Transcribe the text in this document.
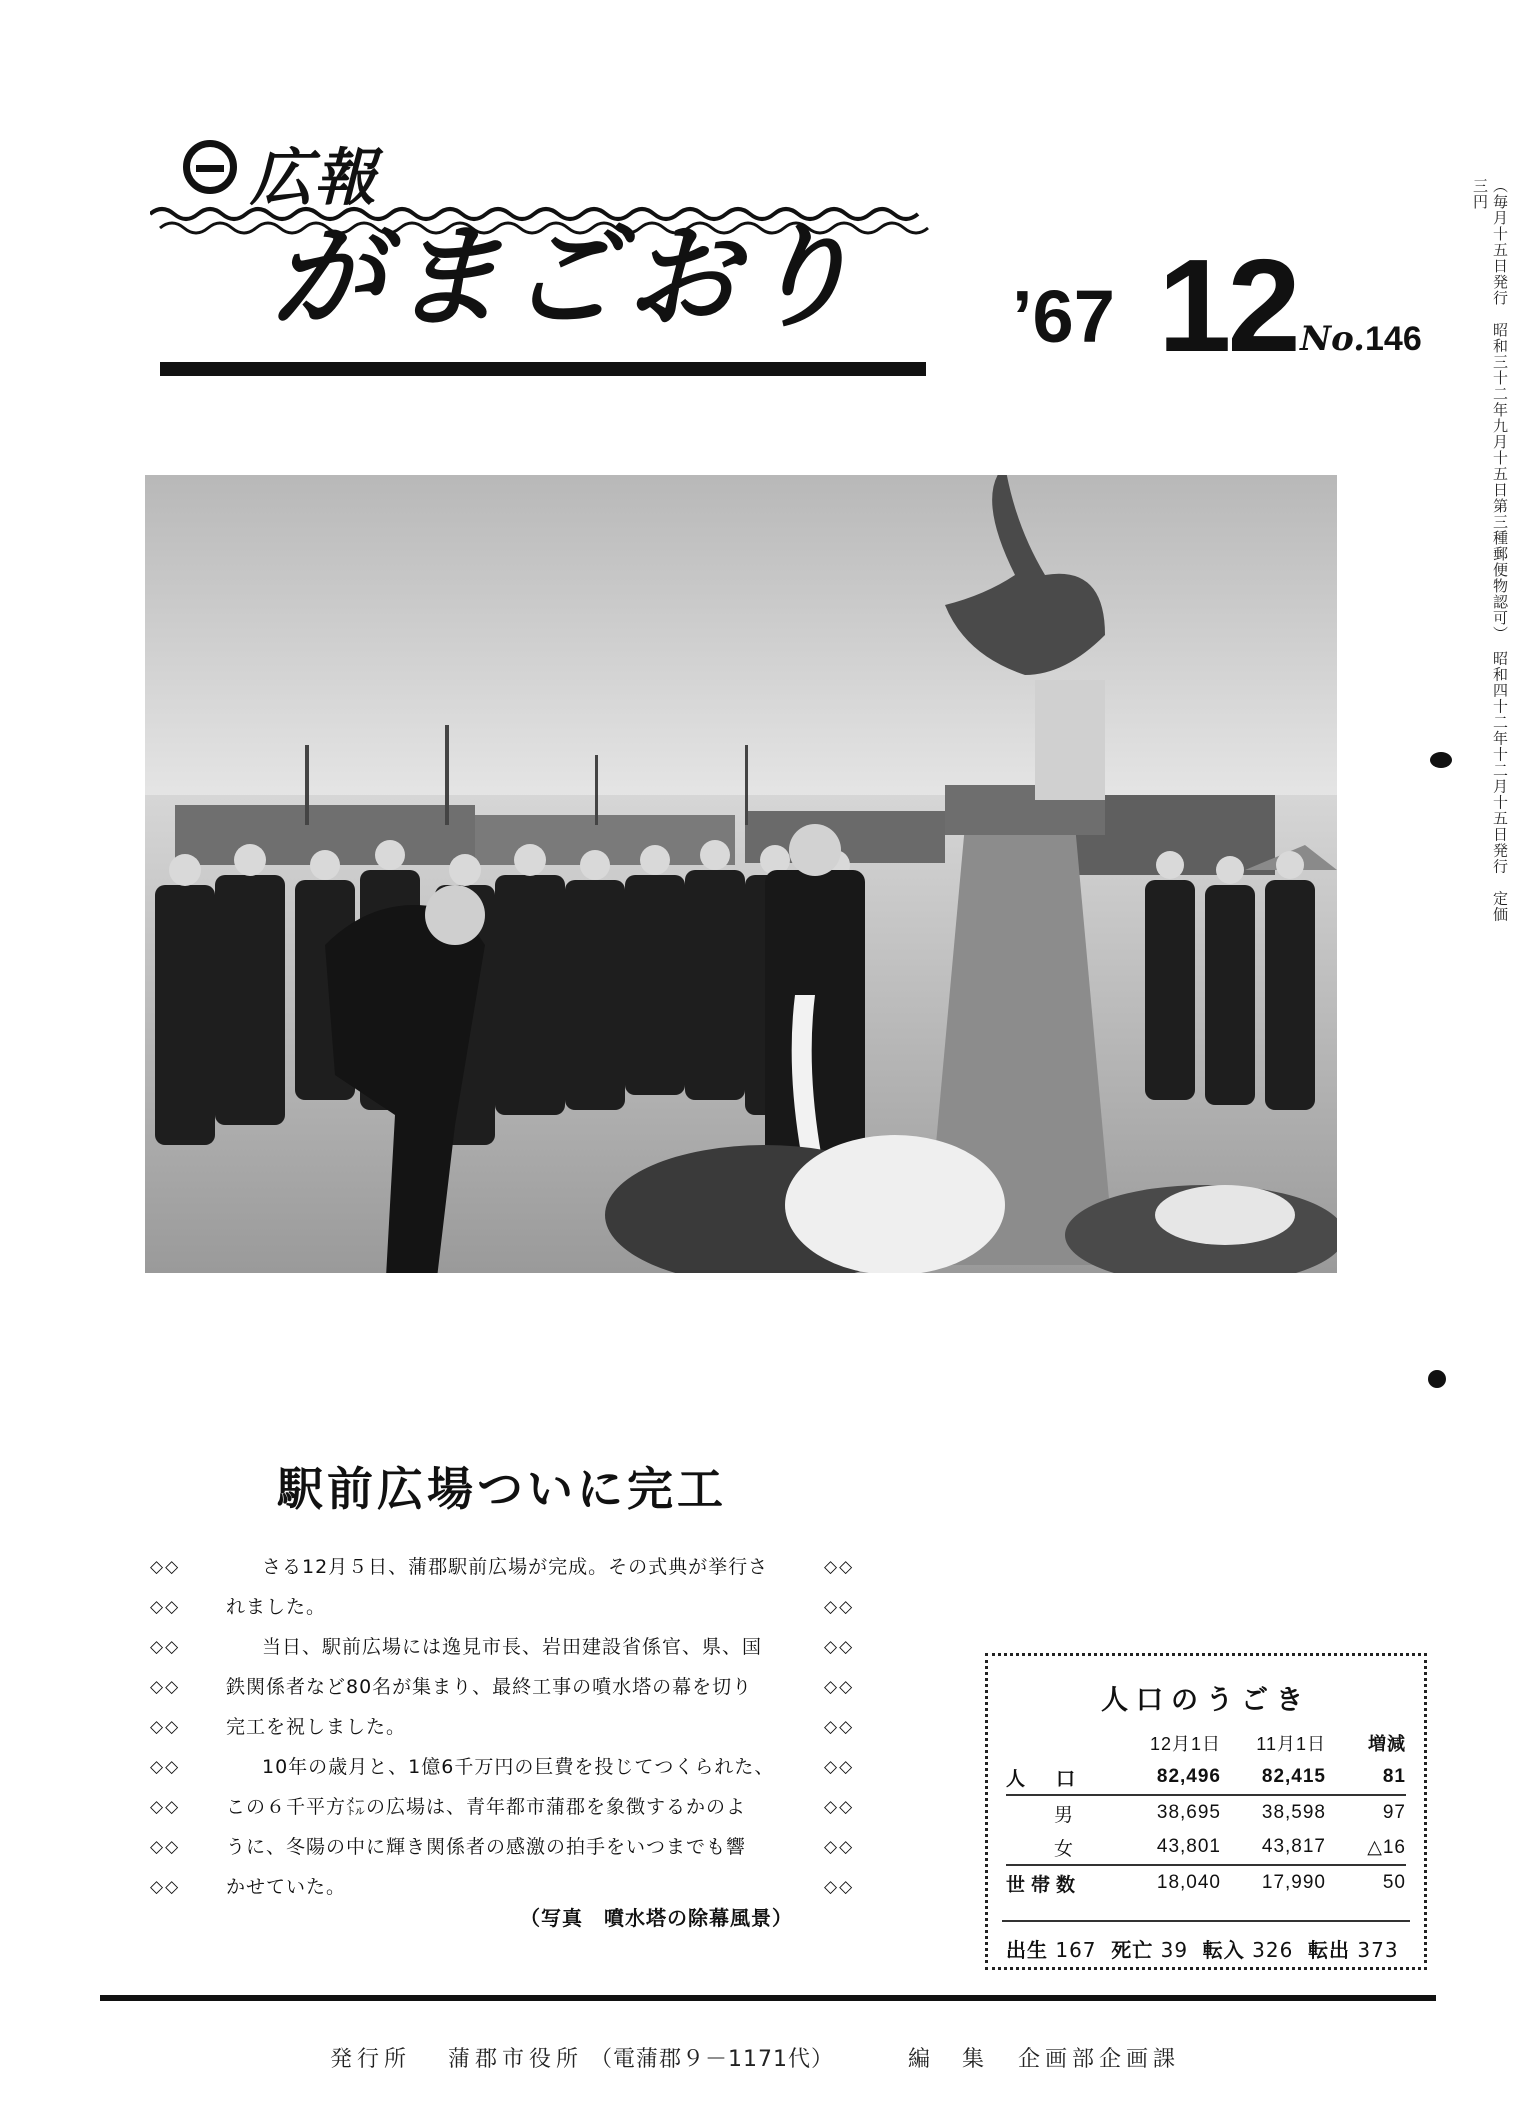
広報
がまごおり ’67 12 No.146	（毎月十五日発行　昭和三十二年九月十五日第三種郵便物認可）　昭和四十二年十二月十五日発行　定価三円
駅前広場ついに完工
◇◇	さる12月５日、蒲郡駅前広場が完成。その式典が挙行さ	◇◇
◇◇ れました。	◇◇
◇◇	当日、駅前広場には逸見市長、岩田建設省係官、県、国	◇◇
◇◇ 鉄関係者など80名が集まり、最終工事の噴水塔の幕を切り	◇◇
◇◇ 完工を祝しました。	◇◇
◇◇	10年の歳月と、1億6千万円の巨費を投じてつくられた、	◇◇
◇◇ この６千平方㍍の広場は、青年都市蒲郡を象徴するかのよ	◇◇
◇◇ うに、冬陽の中に輝き関係者の感激の拍手をいつまでも響	◇◇
◇◇ かせていた。	◇◇
（写真　噴水塔の除幕風景）
人口のうごき
	12月1日	11月1日	増減
人　口	82,496	82,415	81
男	38,695	38,598	97
女	43,801	43,817	△16
世帯数	18,040	17,990	50
出生 167 死亡 39 転入 326 転出 373
発行所 蒲郡市役所 （電蒲郡９－1171代）	編　集 企画部企画課
